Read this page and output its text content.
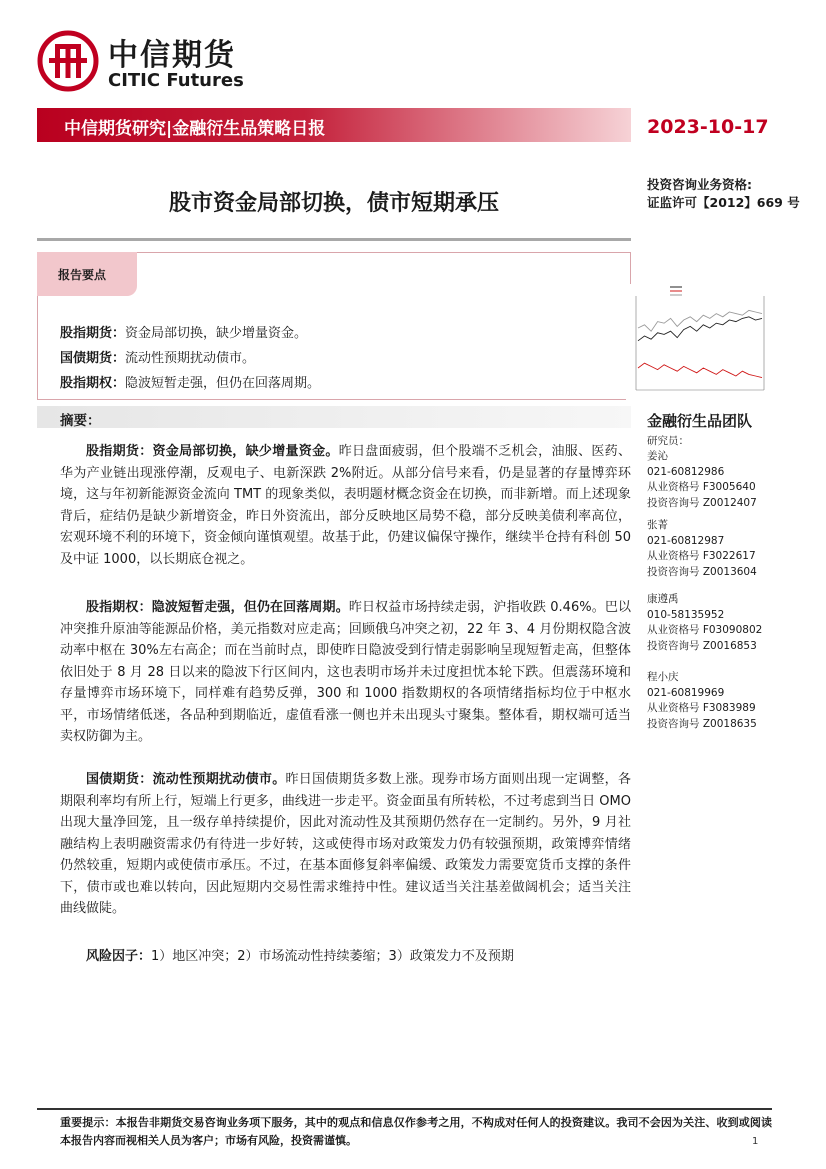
中信期货
CITIC Futures
中信期货研究|金融衍生品策略日报	2023-10-17
股市资金局部切换，债市短期承压
投资咨询业务资格:
证监许可【2012】669 号
报告要点
股指期货：资金局部切换，缺少增量资金。
国债期货：流动性预期扰动债市。
股指期权：隐波短暂走强，但仍在回落周期。
摘要：
股指期货：资金局部切换，缺少增量资金。昨日盘面疲弱，但个股端不乏机会，油服、医药、华为产业链出现涨停潮，反观电子、电新深跌 2%附近。从部分信号来看，仍是显著的存量博弈环境，这与年初新能源资金流向 TMT 的现象类似，表明题材概念资金在切换，而非新增。而上述现象背后，症结仍是缺少新增资金，昨日外资流出，部分反映地区局势不稳，部分反映美债利率高位，宏观环境不利的环境下，资金倾向谨慎观望。故基于此，仍建议偏保守操作，继续半仓持有科创 50 及中证 1000，以长期底仓视之。
股指期权：隐波短暂走强，但仍在回落周期。昨日权益市场持续走弱，沪指收跌 0.46%。巴以冲突推升原油等能源品价格，美元指数对应走高；回顾俄乌冲突之初，22 年 3、4 月份期权隐含波动率中枢在 30%左右高企；而在当前时点，即使昨日隐波受到行情走弱影响呈现短暂走高，但整体依旧处于 8 月 28 日以来的隐波下行区间内，这也表明市场并未过度担忧本轮下跌。但震荡环境和存量博弈市场环境下，同样难有趋势反弹，300 和 1000 指数期权的各项情绪指标均位于中枢水平，市场情绪低迷，各品种到期临近，虚值看涨一侧也并未出现头寸聚集。整体看，期权端可适当卖权防御为主。
国债期货：流动性预期扰动债市。昨日国债期货多数上涨。现券市场方面则出现一定调整，各期限利率均有所上行，短端上行更多，曲线进一步走平。资金面虽有所转松，不过考虑到当日 OMO 出现大量净回笼，且一级存单持续提价，因此对流动性及其预期仍然存在一定制约。另外，9 月社融结构上表明融资需求仍有待进一步好转，这或使得市场对政策发力仍有较强预期，政策博弈情绪仍然较重，短期内或使债市承压。不过，在基本面修复斜率偏缓、政策发力需要宽货币支撑的条件下，债市或也难以转向，因此短期内交易性需求维持中性。建议适当关注基差做阔机会；适当关注曲线做陡。
风险因子：1）地区冲突；2）市场流动性持续萎缩；3）政策发力不及预期
金融衍生品团队
研究员：
姜沁
021-60812986
从业资格号 F3005640
投资咨询号 Z0012407
张菁
021-60812987
从业资格号 F3022617
投资咨询号 Z0013604
康遵禹
010-58135952
从业资格号 F03090802
投资咨询号 Z0016853
程小庆
021-60819969
从业资格号 F3083989
投资咨询号 Z0018635
重要提示：本报告非期货交易咨询业务项下服务，其中的观点和信息仅作参考之用，不构成对任何人的投资建议。我司不会因为关注、收到或阅读本报告内容而视相关人员为客户；市场有风险，投资需谨慎。	1
